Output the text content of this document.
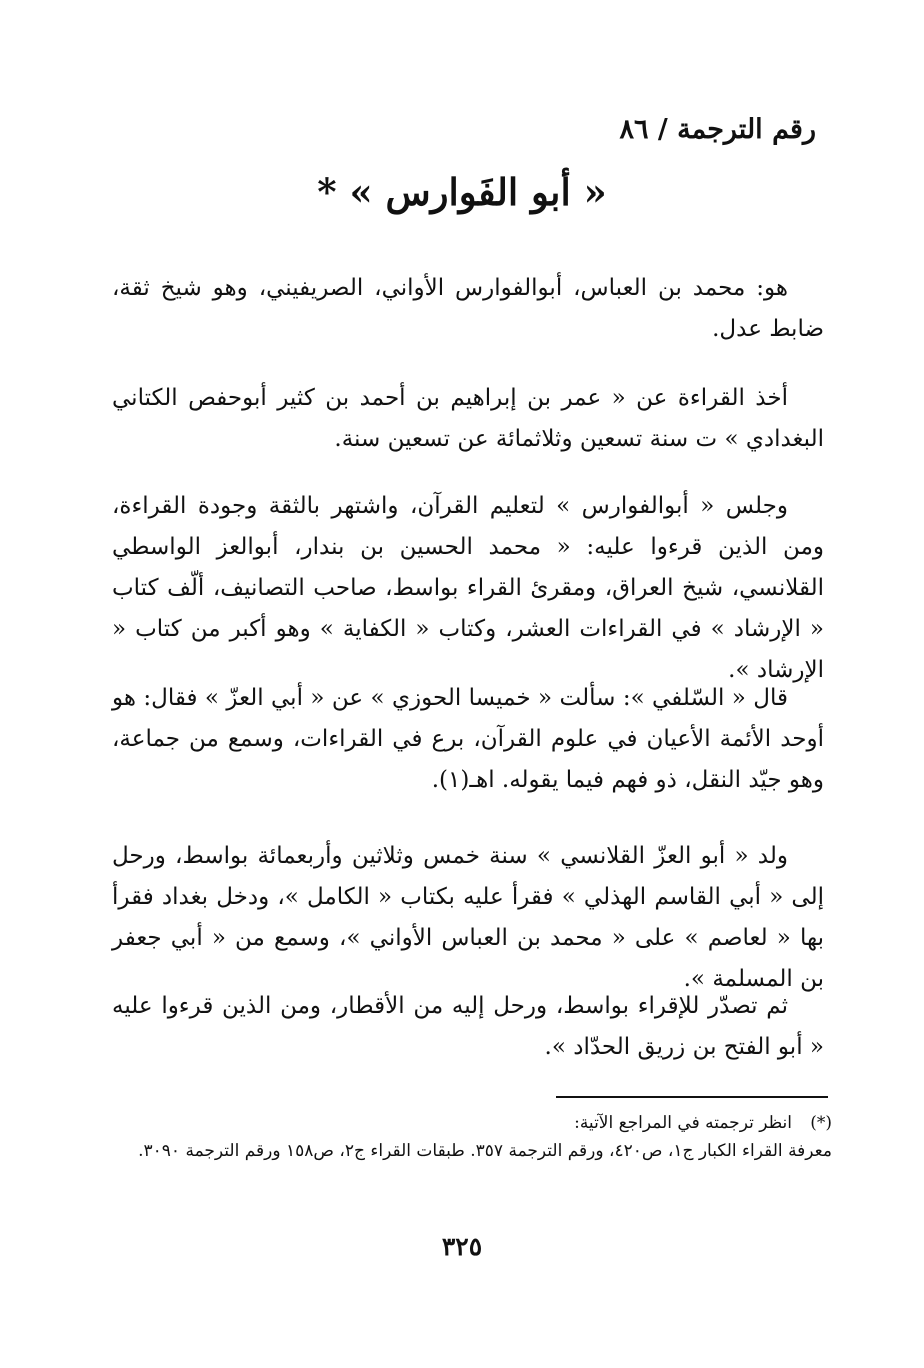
رقم الترجمة / ٨٦
« أبو الفَوارس » *

هو: محمد بن العباس، أبوالفوارس الأواني، الصريفيني، وهو شيخ ثقة، ضابط عدل.

أخذ القراءة عن « عمر بن إبراهيم بن أحمد بن كثير أبوحفص الكتاني البغدادي » ت سنة تسعين وثلاثمائة عن تسعين سنة.

وجلس « أبوالفوارس » لتعليم القرآن، واشتهر بالثقة وجودة القراءة، ومن الذين قرءوا عليه: « محمد الحسين بن بندار، أبوالعز الواسطي القلانسي، شيخ العراق، ومقرئ القراء بواسط، صاحب التصانيف، ألّف كتاب « الإرشاد » في القراءات العشر، وكتاب « الكفاية » وهو أكبر من كتاب « الإرشاد ».

قال « السّلفي »: سألت « خميسا الحوزي » عن « أبي العزّ » فقال: هو أوحد الأئمة الأعيان في علوم القرآن، برع في القراءات، وسمع من جماعة، وهو جيّد النقل، ذو فهم فيما يقوله. اهـ(١).

ولد « أبو العزّ القلانسي » سنة خمس وثلاثين وأربعمائة بواسط، ورحل إلى « أبي القاسم الهذلي » فقرأ عليه بكتاب « الكامل »، ودخل بغداد فقرأ بها « لعاصم » على « محمد بن العباس الأواني »، وسمع من « أبي جعفر بن المسلمة ».

ثم تصدّر للإقراء بواسط، ورحل إليه من الأقطار، ومن الذين قرءوا عليه « أبو الفتح بن زريق الحدّاد ».

(*)انظر ترجمته في المراجع الآتية:
معرفة القراء الكبار ج١، ص٤٢٠، ورقم الترجمة ٣٥٧. طبقات القراء ج٢، ص١٥٨ ورقم الترجمة ٣٠٩٠.
٣٢٥
